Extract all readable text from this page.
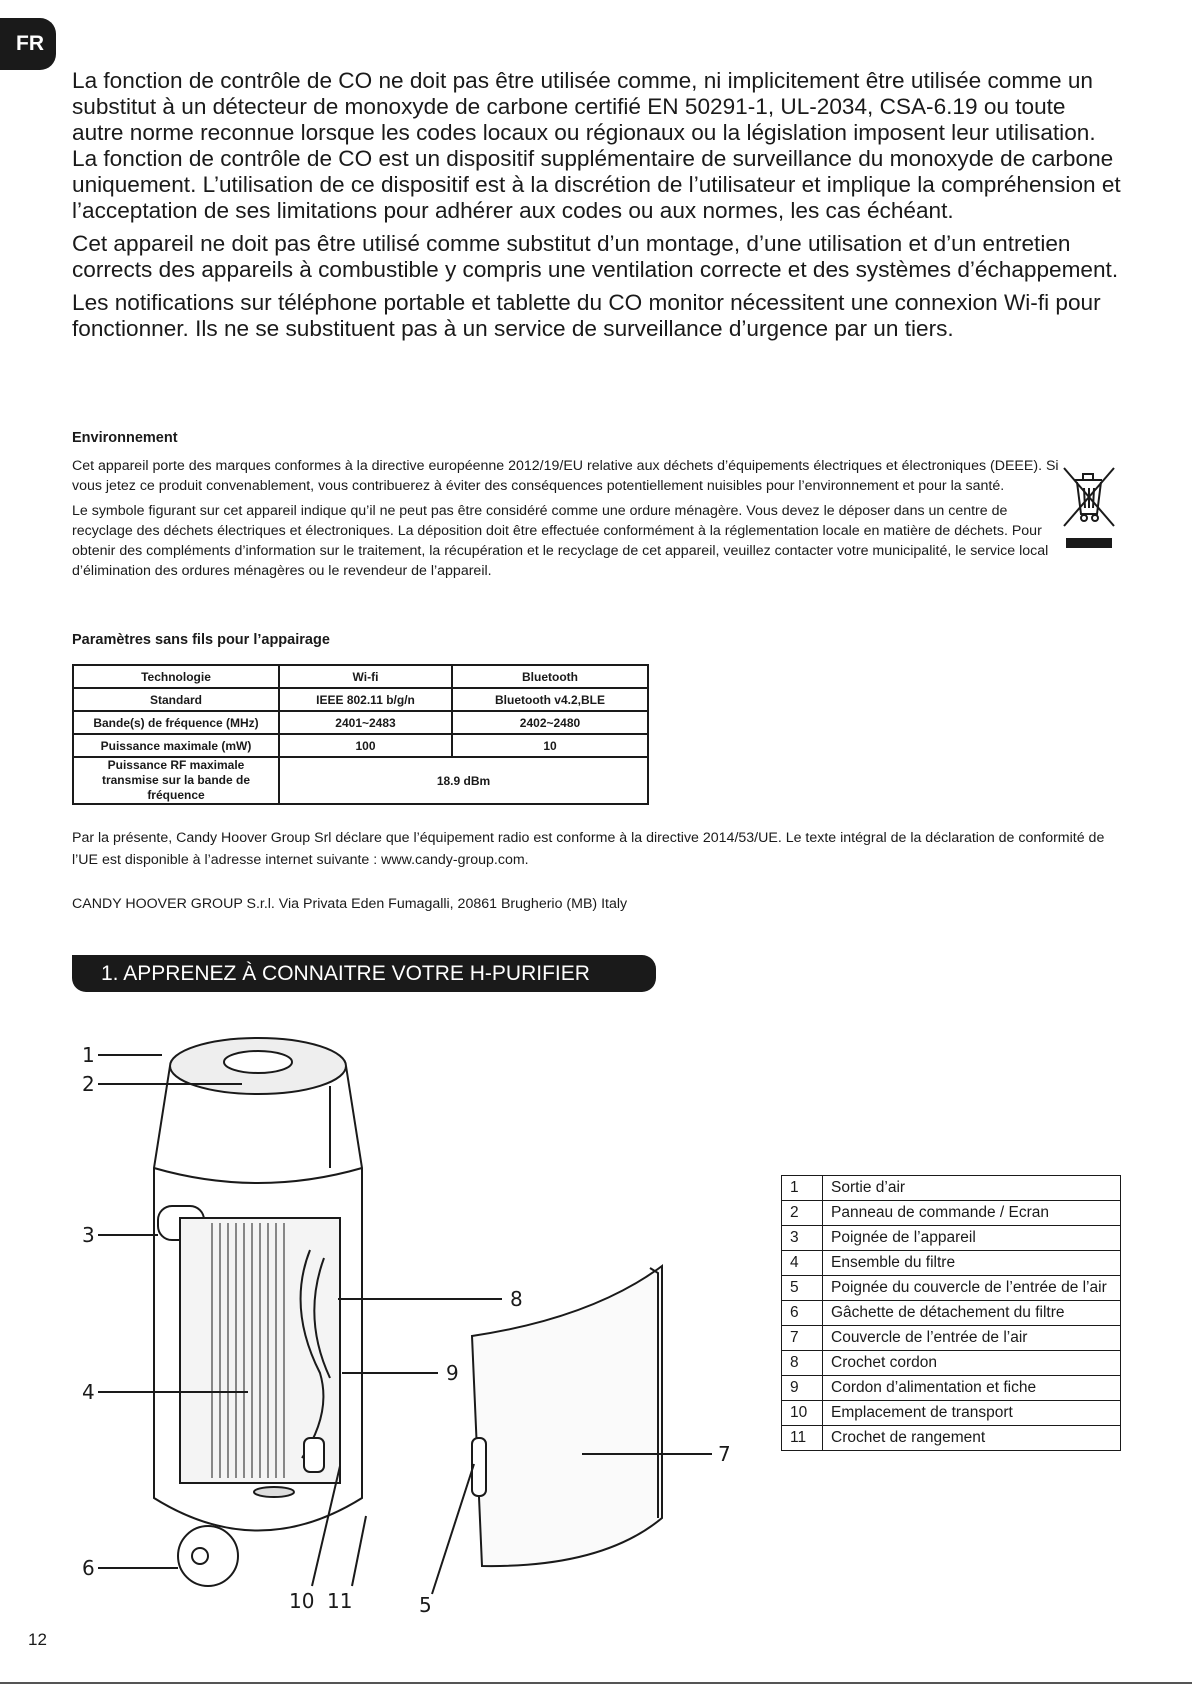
FR

La fonction de contrôle de CO ne doit pas être utilisée comme, ni implicitement être utilisée comme un substitut à un détecteur de monoxyde de carbone certifié EN 50291-1, UL-2034, CSA-6.19 ou toute autre norme reconnue lorsque les codes locaux ou régionaux ou la législation imposent leur utilisation. La fonction de contrôle de CO est un dispositif supplémentaire de surveillance du monoxyde de carbone uniquement. L’utilisation de ce dispositif est à la discrétion de l’utilisateur et implique la compréhension et l’acceptation de ses limitations pour adhérer aux codes ou aux normes, les cas échéant.

Cet appareil ne doit pas être utilisé comme substitut d’un montage, d’une utilisation et d’un entretien corrects des appareils à combustible y compris une ventilation correcte et des systèmes d’échappement.

Les notifications sur téléphone portable et tablette du CO monitor nécessitent une connexion Wi-fi pour fonctionner. Ils ne se substituent pas à un service de surveillance d’urgence par un tiers.

Environnement

Cet appareil porte des marques conformes à la directive européenne 2012/19/EU relative aux déchets d’équipements électriques et électroniques (DEEE). Si vous jetez ce produit convenablement, vous contribuerez à éviter des conséquences potentiellement nuisibles pour l’environnement et pour la santé.

Le symbole figurant sur cet appareil indique qu’il ne peut pas être considéré comme une ordure ménagère. Vous devez le déposer dans un centre de recyclage des déchets électriques et électroniques. La déposition doit être effectuée conformément à la réglementation locale en matière de déchets. Pour obtenir des compléments d’information sur le traitement, la récupération et le recyclage de cet appareil, veuillez contacter votre municipalité, le service local d’élimination des ordures ménagères ou le revendeur de l’appareil.

Paramètres sans fils pour l’appairage
Technologie	Wi-fi	Bluetooth
Standard	IEEE 802.11 b/g/n	Bluetooth v4.2,BLE
Bande(s) de fréquence (MHz)	2401~2483	2402~2480
Puissance maximale (mW)	100	10
Puissance RF maximale transmise sur la bande de fréquence	18.9 dBm	

Par la présente, Candy Hoover Group Srl déclare que l’équipement radio est conforme à la directive 2014/53/UE. Le texte intégral de la déclaration de conformité de l’UE est disponible à l’adresse internet suivante : www.candy-group.com.

CANDY HOOVER GROUP S.r.l. Via Privata Eden Fumagalli, 20861 Brugherio (MB) Italy
1. APPRENEZ À CONNAITRE VOTRE H-PURIFIER
1
2
3
4
6
8
9
7
10 11	5
1	Sortie d’air
2	Panneau de commande / Ecran
3	Poignée de l’appareil
4	Ensemble du filtre
5	Poignée du couvercle de l’entrée de l’air
6	Gâchette de détachement du filtre
7	Couvercle de l’entrée de l’air
8	Crochet cordon
9	Cordon d’alimentation et fiche
10	Emplacement de transport
11	Crochet de rangement
12
